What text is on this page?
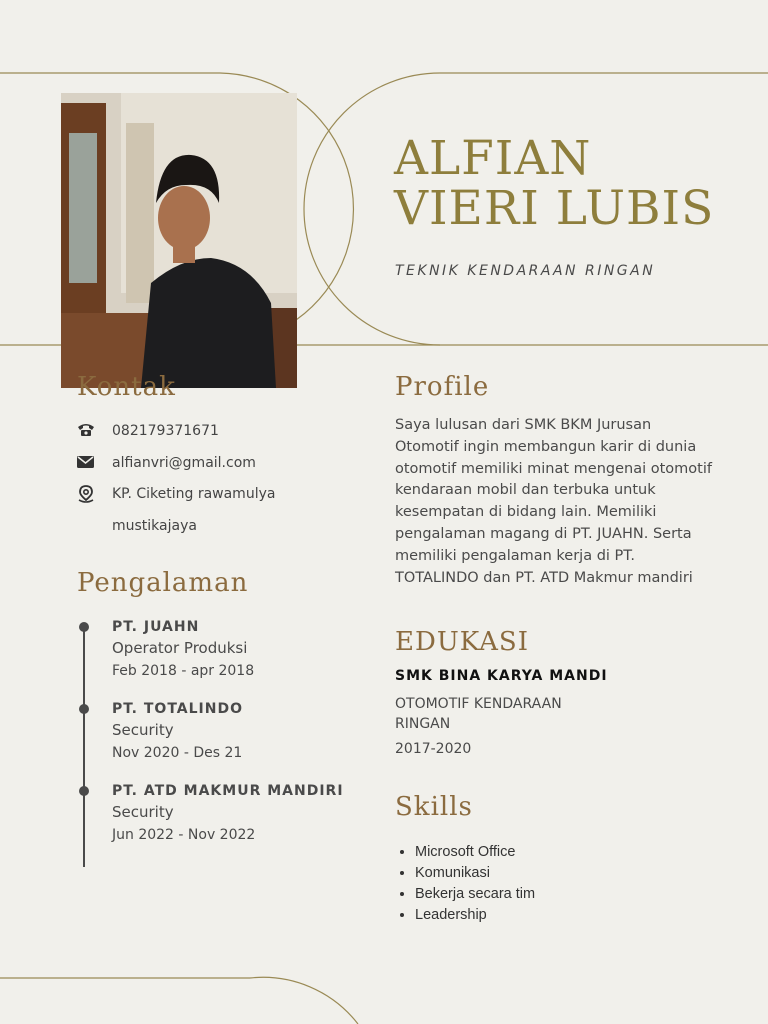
ALFIAN
VIERI LUBIS
TEKNIK KENDARAAN RINGAN
Kontak
082179371671
alfianvri@gmail.com
KP. Ciketing rawamulya
mustikajaya
Pengalaman
PT. JUAHN
Operator Produksi
Feb 2018 - apr 2018
PT. TOTALINDO
Security
Nov 2020 - Des 21
PT. ATD MAKMUR MANDIRI
Security
Jun 2022 - Nov 2022
Profile
Saya lulusan dari SMK BKM Jurusan Otomotif ingin membangun karir di dunia otomotif memiliki minat mengenai otomotif kendaraan mobil dan terbuka untuk kesempatan di bidang lain. Memiliki pengalaman magang di PT. JUAHN. Serta memiliki pengalaman kerja di PT. TOTALINDO dan PT. ATD Makmur mandiri
EDUKASI
SMK BINA KARYA MANDI
OTOMOTIF KENDARAAN RINGAN
2017-2020
Skills
• Microsoft Office
• Komunikasi
• Bekerja secara tim
• Leadership
